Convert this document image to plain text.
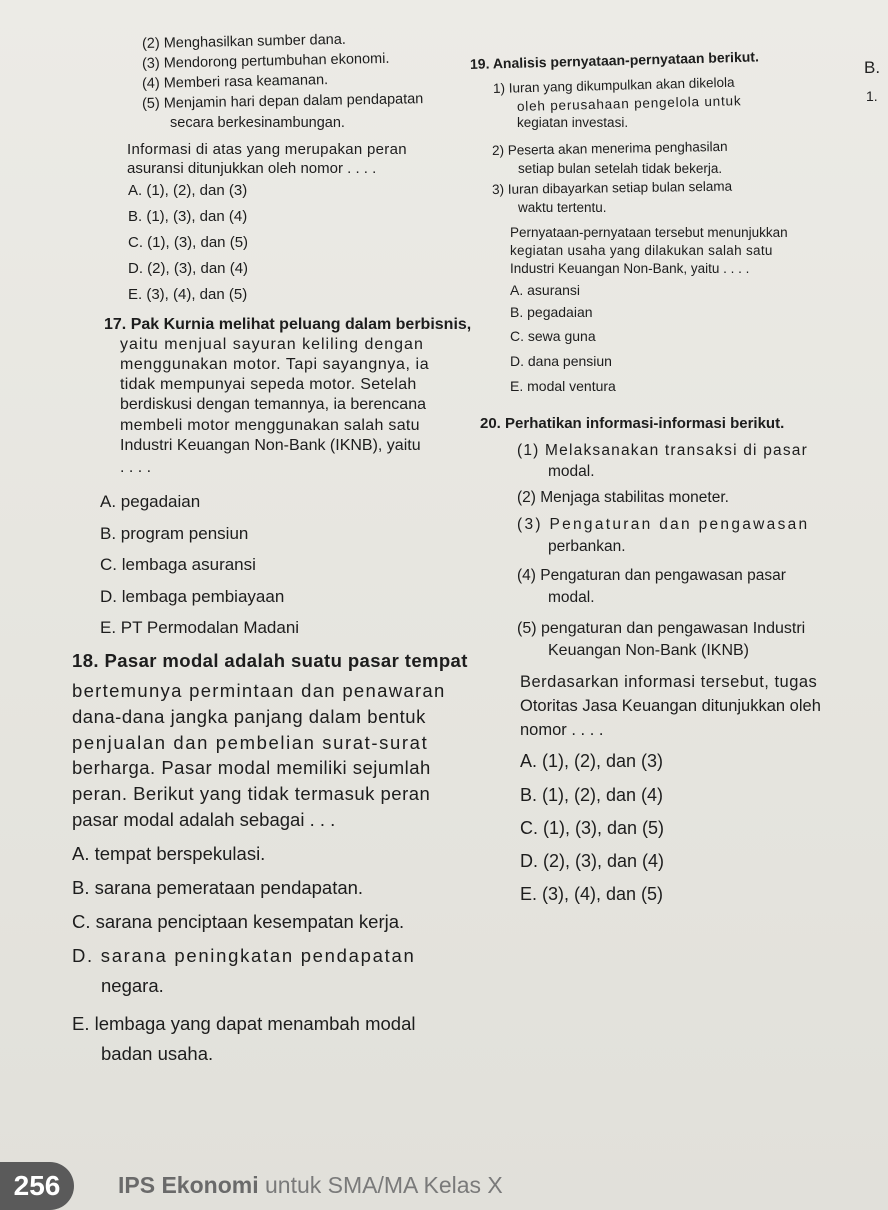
(2) Menghasilkan sumber dana.
(3) Mendorong pertumbuhan ekonomi.
(4) Memberi rasa keamanan.
(5) Menjamin hari depan dalam pendapatan
secara berkesinambungan.
Informasi di atas yang merupakan peran
asuransi ditunjukkan oleh nomor . . . .
A. (1), (2), dan (3)
B. (1), (3), dan (4)
C. (1), (3), dan (5)
D. (2), (3), dan (4)
E. (3), (4), dan (5)
17. Pak Kurnia melihat peluang dalam berbisnis,
yaitu menjual sayuran keliling dengan
menggunakan motor. Tapi sayangnya, ia
tidak mempunyai sepeda motor. Setelah
berdiskusi dengan temannya, ia berencana
membeli motor menggunakan salah satu
Industri Keuangan Non-Bank (IKNB), yaitu
. . . .
A. pegadaian
B. program pensiun
C. lembaga asuransi
D. lembaga pembiayaan
E. PT Permodalan Madani
18. Pasar modal adalah suatu pasar tempat
bertemunya permintaan dan penawaran
dana-dana jangka panjang dalam bentuk
penjualan dan pembelian surat-surat
berharga. Pasar modal memiliki sejumlah
peran. Berikut yang tidak termasuk peran
pasar modal adalah sebagai . . .
A. tempat berspekulasi.
B. sarana pemerataan pendapatan.
C. sarana penciptaan kesempatan kerja.
D. sarana peningkatan pendapatan
negara.
E. lembaga yang dapat menambah modal
badan usaha.
19. Analisis pernyataan-pernyataan berikut.
1) Iuran yang dikumpulkan akan dikelola
oleh perusahaan pengelola untuk
kegiatan investasi.
2) Peserta akan menerima penghasilan
setiap bulan setelah tidak bekerja.
3) Iuran dibayarkan setiap bulan selama
waktu tertentu.
Pernyataan-pernyataan tersebut menunjukkan
kegiatan usaha yang dilakukan salah satu
Industri Keuangan Non-Bank, yaitu . . . .
A. asuransi
B. pegadaian
C. sewa guna
D. dana pensiun
E. modal ventura
20. Perhatikan informasi-informasi berikut.
(1) Melaksanakan transaksi di pasar
modal.
(2) Menjaga stabilitas moneter.
(3) Pengaturan dan pengawasan
perbankan.
(4) Pengaturan dan pengawasan pasar
modal.
(5) pengaturan dan pengawasan Industri
Keuangan Non-Bank (IKNB)
Berdasarkan informasi tersebut, tugas
Otoritas Jasa Keuangan ditunjukkan oleh
nomor . . . .
A. (1), (2), dan (3)
B. (1), (2), dan (4)
C. (1), (3), dan (5)
D. (2), (3), dan (4)
E. (3), (4), dan (5)
B.
1.
256	IPS Ekonomi untuk SMA/MA Kelas X
